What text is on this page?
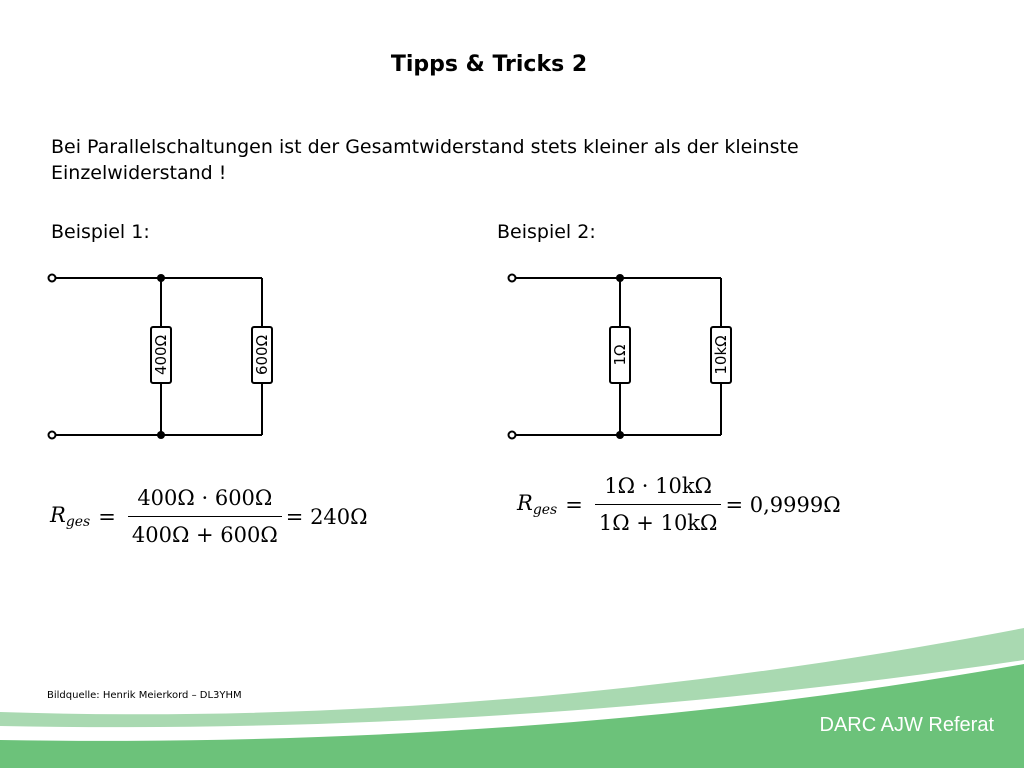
Tipps & Tricks 2

Bei Parallelschaltungen ist der Gesamtwiderstand stets kleiner als der kleinste Einzelwiderstand !

Beispiel 1:
400Ω	600Ω
$R_{ges} = \frac{400\Omega \cdot 600\Omega}{400\Omega + 600\Omega} = 240\Omega$
Beispiel 2:
1Ω	10kΩ
$R_{ges} = \frac{1\Omega \cdot 10k\Omega}{1\Omega + 10k\Omega} = 0,9999\Omega$

Bildquelle: Henrik Meierkord – DL3YHM

DARC AJW Referat
